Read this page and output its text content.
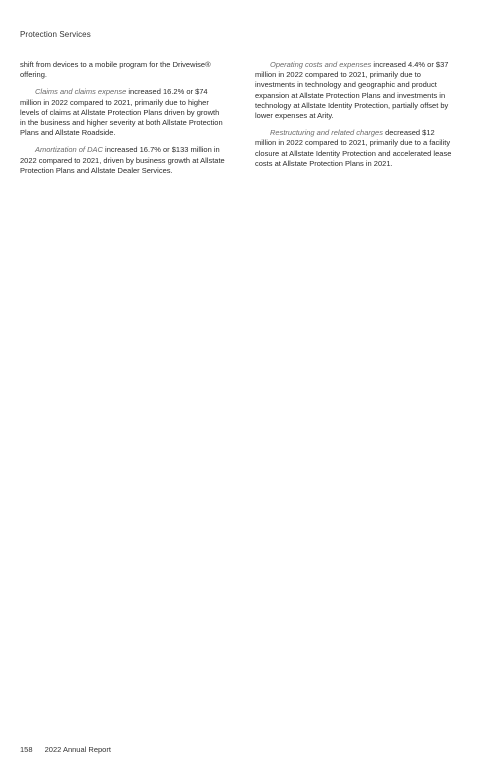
Protection Services

shift from devices to a mobile program for the Drivewise® offering.

Claims and claims expense increased 16.2% or $74 million in 2022 compared to 2021, primarily due to higher levels of claims at Allstate Protection Plans driven by growth in the business and higher severity at both Allstate Protection Plans and Allstate Roadside.

Amortization of DAC increased 16.7% or $133 million in 2022 compared to 2021, driven by business growth at Allstate Protection Plans and Allstate Dealer Services.

Operating costs and expenses increased 4.4% or $37 million in 2022 compared to 2021, primarily due to investments in technology and geographic and product expansion at Allstate Protection Plans and investments in technology at Allstate Identity Protection, partially offset by lower expenses at Arity.

Restructuring and related charges decreased $12 million in 2022 compared to 2021, primarily due to a facility closure at Allstate Identity Protection and accelerated lease costs at Allstate Protection Plans in 2021.

158 2022 Annual Report
